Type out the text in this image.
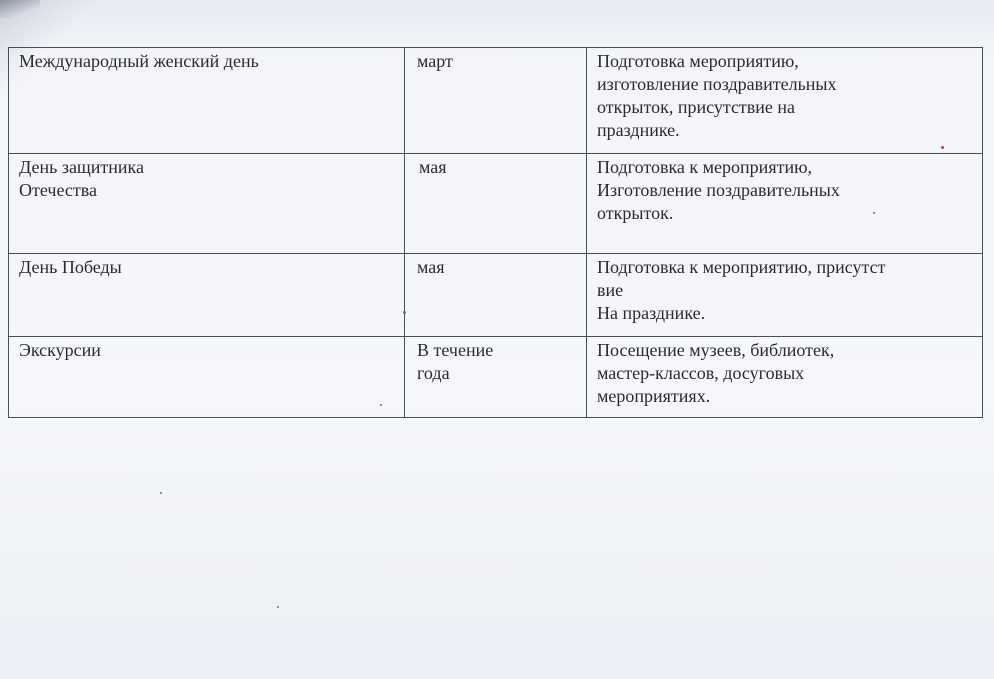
Международный женский день	март	Подготовка мероприятию,
изготовление поздравительных
открыток, присутствие на
празднике.

День защитника
Отечества	мая	Подготовка к мероприятию,
Изготовление поздравительных
открыток.

День Победы	мая	Подготовка к мероприятию, присутст
вие
На празднике.

Экскурсии	В течение
года	Посещение музеев, библиотек,
мастер-классов, досуговых
мероприятиях.
